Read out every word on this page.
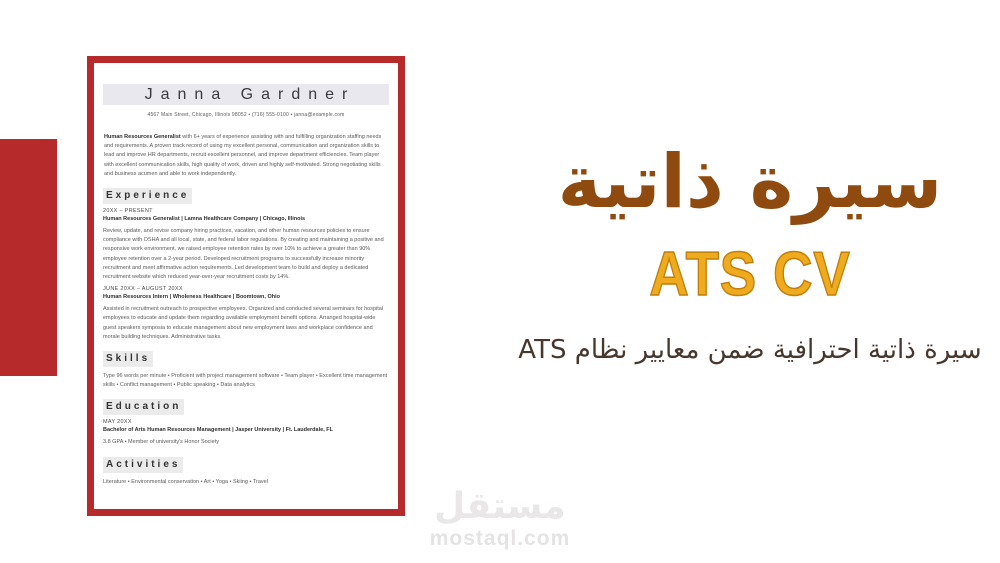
Janna Gardner
4567 Main Street, Chicago, Illinois 98052 • (716) 555-0100 • janna@example.com

Human Resources Generalist with 6+ years of experience assisting with and fulfilling organization staffing needs and requirements. A proven track record of using my excellent personal, communication and organization skills to lead and improve HR departments, recruit excellent personnel, and improve department efficiencies. Team player with excellent communication skills, high quality of work, driven and highly self-motivated. Strong negotiating skills and business acumen and able to work independently.

Experience
20XX – PRESENT
Human Resources Generalist | Lamna Healthcare Company | Chicago, Illinois

Review, update, and revise company hiring practices, vacation, and other human resources policies to ensure compliance with OSHA and all local, state, and federal labor regulations. By creating and maintaining a positive and responsive work environment, we raised employee retention rates by over 10% to achieve a greater than 90% employee retention over a 2-year period. Developed recruitment programs to successfully increase minority recruitment and meet affirmative action requirements. Led development team to build and deploy a dedicated recruitment website which reduced year-over-year recruitment costs by 14%.

JUNE 20XX – AUGUST 20XX
Human Resources Intern | Wholeness Healthcare | Boomtown, Ohio

Assisted in recruitment outreach to prospective employees. Organized and conducted several seminars for hospital employees to educate and update them regarding available employment benefit options. Arranged hospital-wide guest speakers symposia to educate management about new employment laws and workplace confidence and morale building techniques. Administrative tasks.

Skills

Type 96 words per minute • Proficient with project management software • Team player • Excellent time management skills • Conflict management • Public speaking • Data analytics

Education
MAY 20XX
Bachelor of Arts Human Resources Management | Jasper University | Ft. Lauderdale, FL

3.8 GPA • Member of university's Honor Society

Activities

Literature • Environmental conservation • Art • Yoga • Skiing • Travel

سيرة ذاتية
ATS CV
سيرة ذاتية احترافية ضمن معايير نظام ATS
مستقل
mostaql.com
